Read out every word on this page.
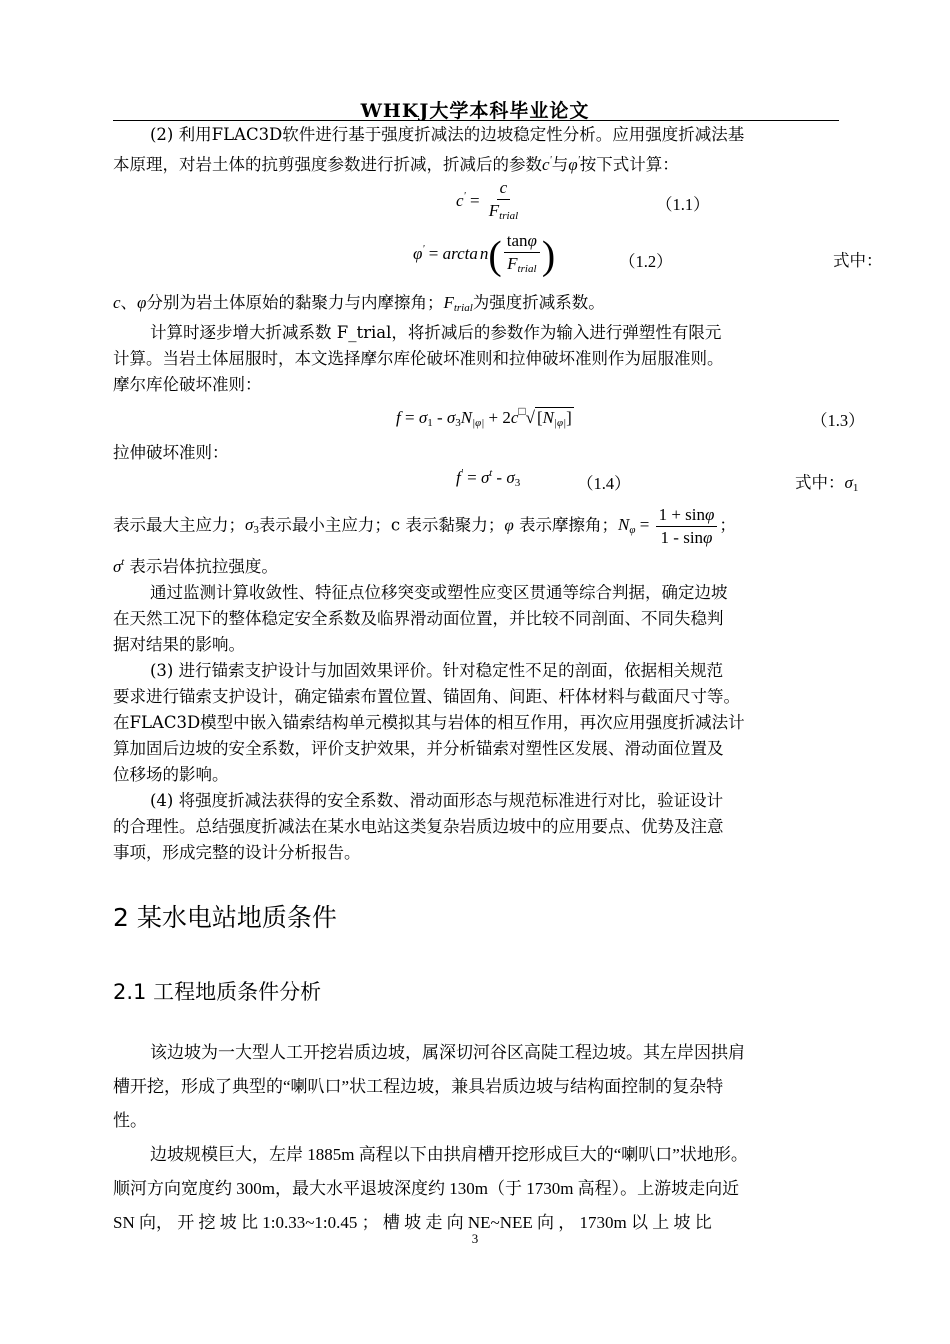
WHKJ大学本科毕业论文
(2) 利用FLAC3D软件进行基于强度折减法的边坡稳定性分析。应用强度折减法基
本原理，对岩土体的抗剪强度参数进行折减，折减后的参数c'与φ'按下式计算：
$c' = \frac{c}{F_{trial}}$	（1.1）
φ' = arcta $n( \frac{\tan\varphi}{F_{trial}}$ )	（1.2）	式中：
c、φ分别为岩土体原始的黏聚力与内摩擦角；$F_{trial}$为强度折减系数。
计算时逐步增大折减系数 F_trial，将折减后的参数作为输入进行弹塑性有限元
计算。当岩土体屈服时，本文选择摩尔库伦破坏准则和拉伸破坏准则作为屈服准则。
摩尔库伦破坏准则：
$f = \sigma_1 - \sigma_3N_{|\varphi|} + 2c^□√$ $[N_{|\varphi|}]$	（1.3）
拉伸破坏准则：
$f' = \sigma^t - \sigma_3$	（1.4）	式中：$\sigma_1$
表示最大主应力；$\sigma_3$表示最小主应力；c 表示黏聚力；φ 表示摩擦角；$N_\varphi = \frac{1 + \sin\varphi}{1 - \sin\varphi}$ ；
$\sigma^t$ 表示岩体抗拉强度。
通过监测计算收敛性、特征点位移突变或塑性应变区贯通等综合判据，确定边坡
在天然工况下的整体稳定安全系数及临界滑动面位置，并比较不同剖面、不同失稳判
据对结果的影响。
(3) 进行锚索支护设计与加固效果评价。针对稳定性不足的剖面，依据相关规范
要求进行锚索支护设计，确定锚索布置位置、锚固角、间距、杆体材料与截面尺寸等。
在FLAC3D模型中嵌入锚索结构单元模拟其与岩体的相互作用，再次应用强度折减法计
算加固后边坡的安全系数，评价支护效果，并分析锚索对塑性区发展、滑动面位置及
位移场的影响。
(4) 将强度折减法获得的安全系数、滑动面形态与规范标准进行对比，验证设计
的合理性。总结强度折减法在某水电站这类复杂岩质边坡中的应用要点、优势及注意
事项，形成完整的设计分析报告。
2 某水电站地质条件
2.1 工程地质条件分析
该边坡为一大型人工开挖岩质边坡，属深切河谷区高陡工程边坡。其左岸因拱肩
槽开挖，形成了典型的“喇叭口”状工程边坡，兼具岩质边坡与结构面控制的复杂特
性。
边坡规模巨大，左岸 1885m 高程以下由拱肩槽开挖形成巨大的“喇叭口”状地形。
顺河方向宽度约 300m，最大水平退坡深度约 130m（于 1730m 高程）。上游坡走向近
SN 向， 开 挖 坡 比 1:0.33~1:0.45 ； 槽 坡 走 向 NE~NEE 向 ， 1730m 以 上 坡 比
3
